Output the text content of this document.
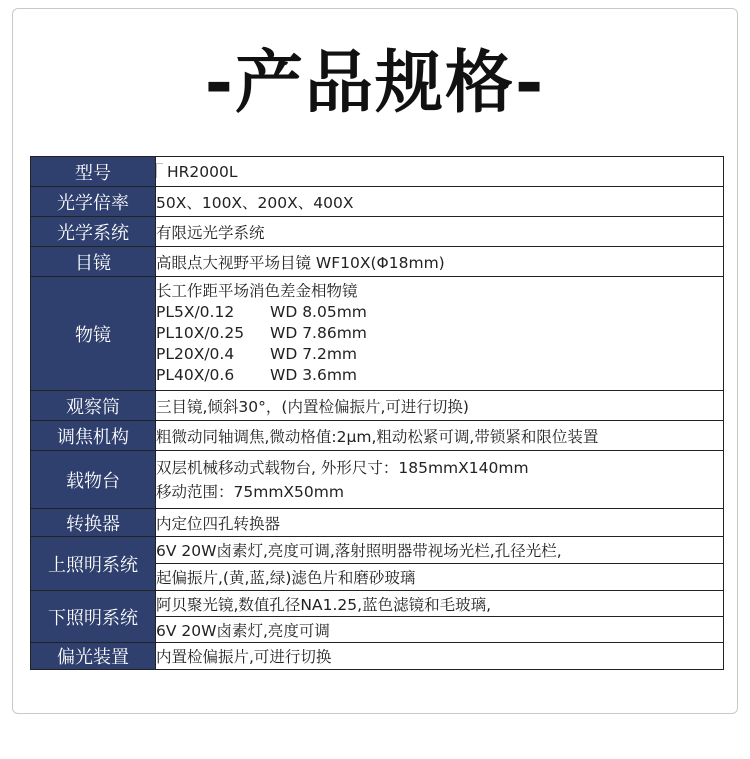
-产品规格-
型号	HR2000L
光学倍率	50X、100X、200X、400X
光学系统	有限远光学系统
目镜	高眼点大视野平场目镜 WF10X(Φ18mm)
物镜	长工作距平场消色差金相物镜
PL5X/0.12 WD 8.05mm
PL10X/0.25 WD 7.86mm
PL20X/0.4 WD 7.2mm
PL40X/0.6 WD 3.6mm

观察筒	三目镜,倾斜30°，(内置检偏振片,可进行切换)
调焦机构	粗微动同轴调焦,微动格值:2μm,粗动松紧可调,带锁紧和限位装置
载物台	双层机械移动式载物台, 外形尺寸：185mmX140mm
移动范围：75mmX50mm

转换器	内定位四孔转换器
上照明系统	6V 20W卤素灯,亮度可调,落射照明器带视场光栏,孔径光栏,
	起偏振片,(黄,蓝,绿)滤色片和磨砂玻璃
下照明系统	阿贝聚光镜,数值孔径NA1.25,蓝色滤镜和毛玻璃,
	6V 20W卤素灯,亮度可调
偏光装置	内置检偏振片,可进行切换
